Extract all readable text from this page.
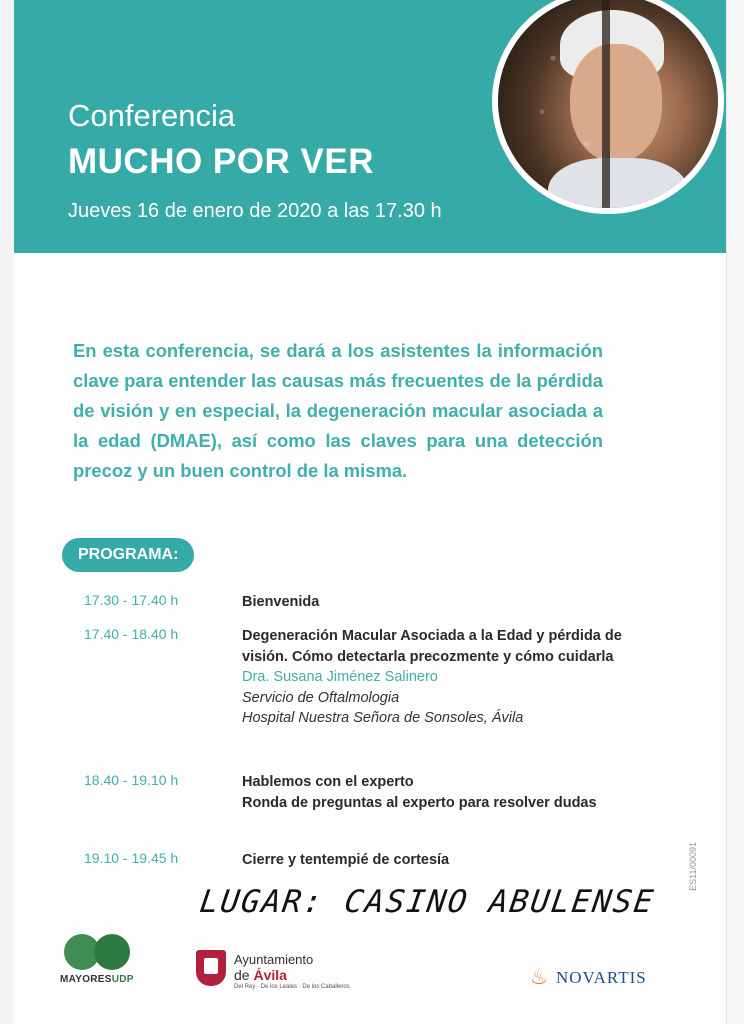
Conferencia
MUCHO POR VER
Jueves 16 de enero de 2020 a las 17.30 h

En esta conferencia, se dará a los asistentes la información clave para entender las causas más frecuentes de la pérdida de visión y en especial, la degeneración macular asociada a la edad (DMAE), así como las claves para una detección precoz y un buen control de la misma.

PROGRAMA:
17.30 - 17.40 h	Bienvenida
17.40 - 18.40 h	Degeneración Macular Asociada a la Edad y pérdida de visión. Cómo detectarla precozmente y cómo cuidarla
Dra. Susana Jiménez Salinero
Servicio de Oftalmologia
Hospital Nuestra Señora de Sonsoles, Ávila
18.40 - 19.10 h	Hablemos con el experto
Ronda de preguntas al experto para resolver dudas
19.10 - 19.45 h	Cierre y tentempié de cortesía	ES11/00091
LUGAR: CASINO ABULENSE
MAYORESUDP
Ayuntamiento
de Ávila
Del Rey · De los Leales · De los Caballeros	♨ NOVARTIS
